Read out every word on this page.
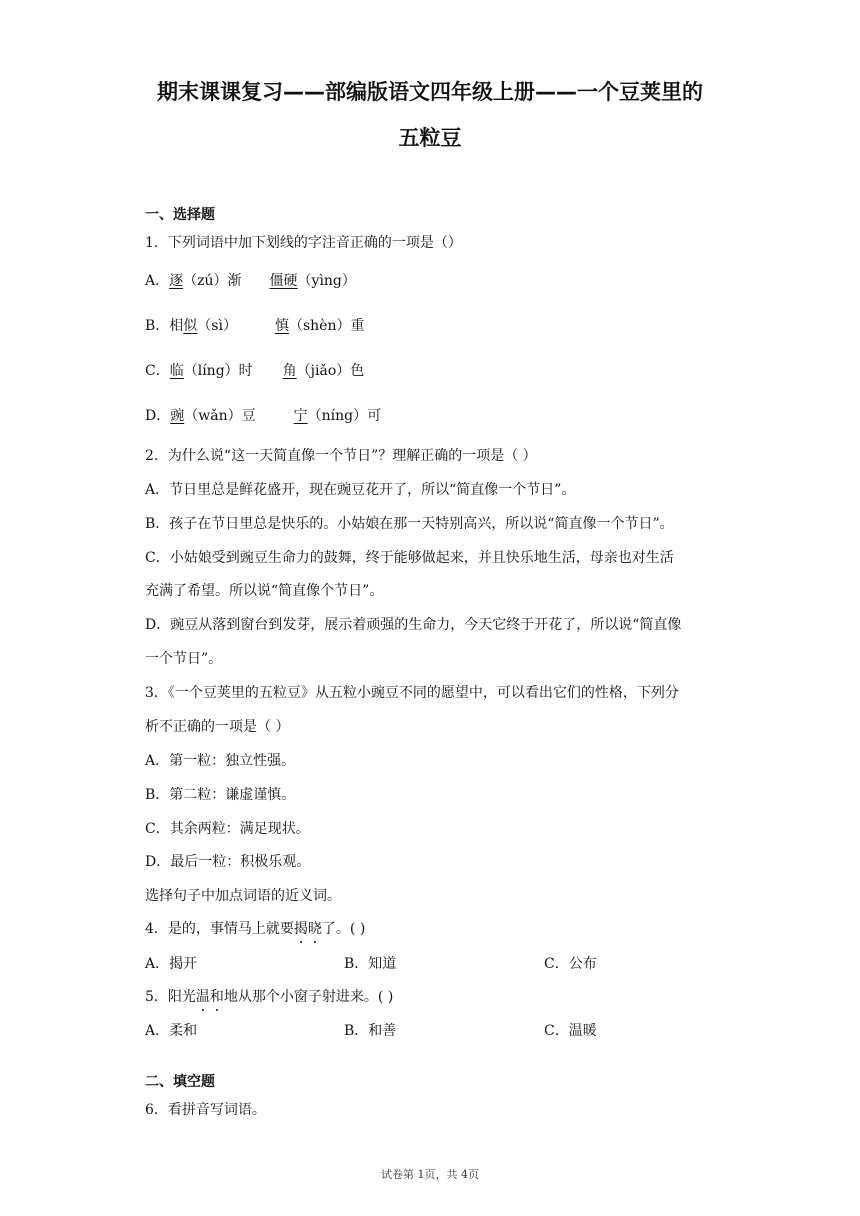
期末课课复习——部编版语文四年级上册——一个豆荚里的
五粒豆
一、选择题
1．下列词语中加下划线的字注音正确的一项是（）
A．逐（zú）渐 僵硬（yìng）
B．相似（sì）	慎（shèn）重
C．临（líng）时 角（jiǎo）色
D．豌（wǎn）豆	宁（níng）可
2．为什么说“这一天简直像一个节日”？理解正确的一项是（ ）
A．节日里总是鲜花盛开，现在豌豆花开了，所以“简直像一个节日”。
B．孩子在节日里总是快乐的。小姑娘在那一天特别高兴，所以说“简直像一个节日”。
C．小姑娘受到豌豆生命力的鼓舞，终于能够做起来，并且快乐地生活，母亲也对生活
充满了希望。所以说“简直像个节日”。
D．豌豆从落到窗台到发芽，展示着顽强的生命力，今天它终于开花了，所以说“简直像
一个节日”。
3．《一个豆荚里的五粒豆》从五粒小豌豆不同的愿望中，可以看出它们的性格，下列分
析不正确的一项是（ ）
A．第一粒：独立性强。
B．第二粒：谦虚谨慎。
C．其余两粒：满足现状。
D．最后一粒：积极乐观。
选择句子中加点词语的近义词。
4．是的，事情马上就要揭晓了。( )
A．揭开	B．知道	C．公布
5．阳光温和地从那个小窗子射进来。( )
A．柔和	B．和善	C．温暖
二、填空题
6．看拼音写词语。
试卷第 1页，共 4页
